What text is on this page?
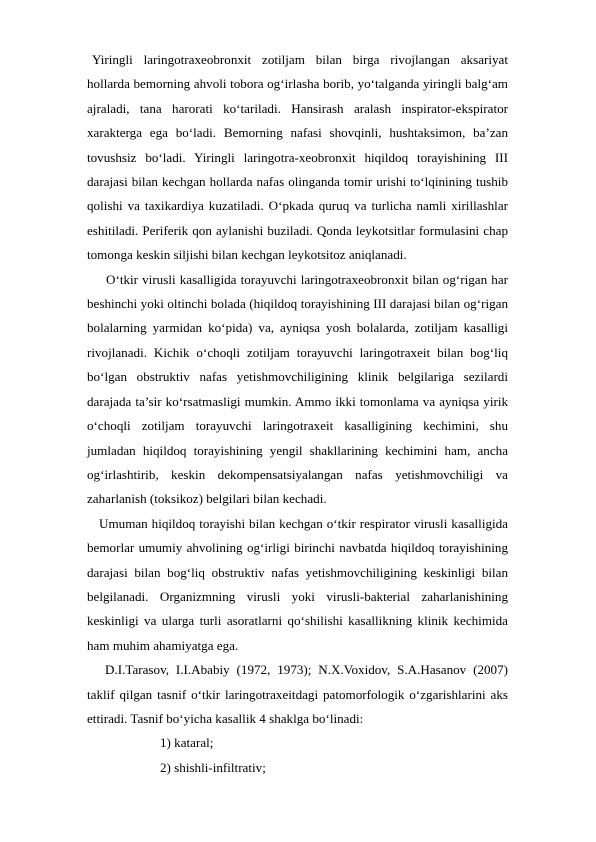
Yiringli laringotraxeobronxit zotiljam bilan birga rivojlangan aksariyat hollarda bemorning ahvoli tobora og‘irlasha borib, yo‘talganda yiringli balg‘am ajraladi, tana harorati ko‘tariladi. Hansirash aralash inspirator-ekspirator xarakterga ega bo‘ladi. Bemorning nafasi shovqinli, hushtaksimon, ba’zan tovushsiz bo‘ladi. Yiringli laringotra-xeobronxit hiqildoq torayishining III darajasi bilan kechgan hollarda nafas olinganda tomir urishi to‘lqinining tushib qolishi va taxikardiya kuzatiladi. O‘pkada quruq va turlicha namli xirillashlar eshitiladi. Periferik qon aylanishi buziladi. Qonda leykotsitlar formulasini chap tomonga keskin siljishi bilan kechgan leykotsitoz aniqlanadi.

O‘tkir virusli kasalligida torayuvchi laringotraxeobronxit bilan og‘rigan har beshinchi yoki oltinchi bolada (hiqildoq torayishining III darajasi bilan og‘rigan bolalarning yarmidan ko‘pida) va, ayniqsa yosh bolalarda, zotiljam kasalligi rivojlanadi. Kichik o‘choqli zotiljam torayuvchi laringotraxeit bilan bog‘liq bo‘lgan obstruktiv nafas yetishmovchiligining klinik belgilariga sezilardi darajada ta’sir ko‘rsatmasligi mumkin. Ammo ikki tomonlama va ayniqsa yirik o‘choqli zotiljam torayuvchi laringotraxeit kasalligining kechimini, shu jumladan hiqildoq torayishining yengil shakllarining kechimini ham, ancha og‘irlashtirib, keskin dekompensatsiyalangan nafas yetishmovchiligi va zaharlanish (toksikoz) belgilari bilan kechadi.

Umuman hiqildoq torayishi bilan kechgan o‘tkir respirator virusli kasalligida bemorlar umumiy ahvolining og‘irligi birinchi navbatda hiqildoq torayishining darajasi bilan bog‘liq obstruktiv nafas yetishmovchiligining keskinligi bilan belgilanadi. Organizmning virusli yoki virusli-bakterial zaharlanishining keskinligi va ularga turli asoratlarni qo‘shilishi kasallikning klinik kechimida ham muhim ahamiyatga ega.

D.I.Tarasov, I.I.Ababiy (1972, 1973); N.X.Voxidov, S.A.Hasanov (2007) taklif qilgan tasnif o‘tkir laringotraxeitdagi patomorfologik o‘zgarishlarini aks ettiradi. Tasnif bo‘yicha kasallik 4 shaklga bo‘linadi:

1) kataral;

2) shishli-infiltrativ;
